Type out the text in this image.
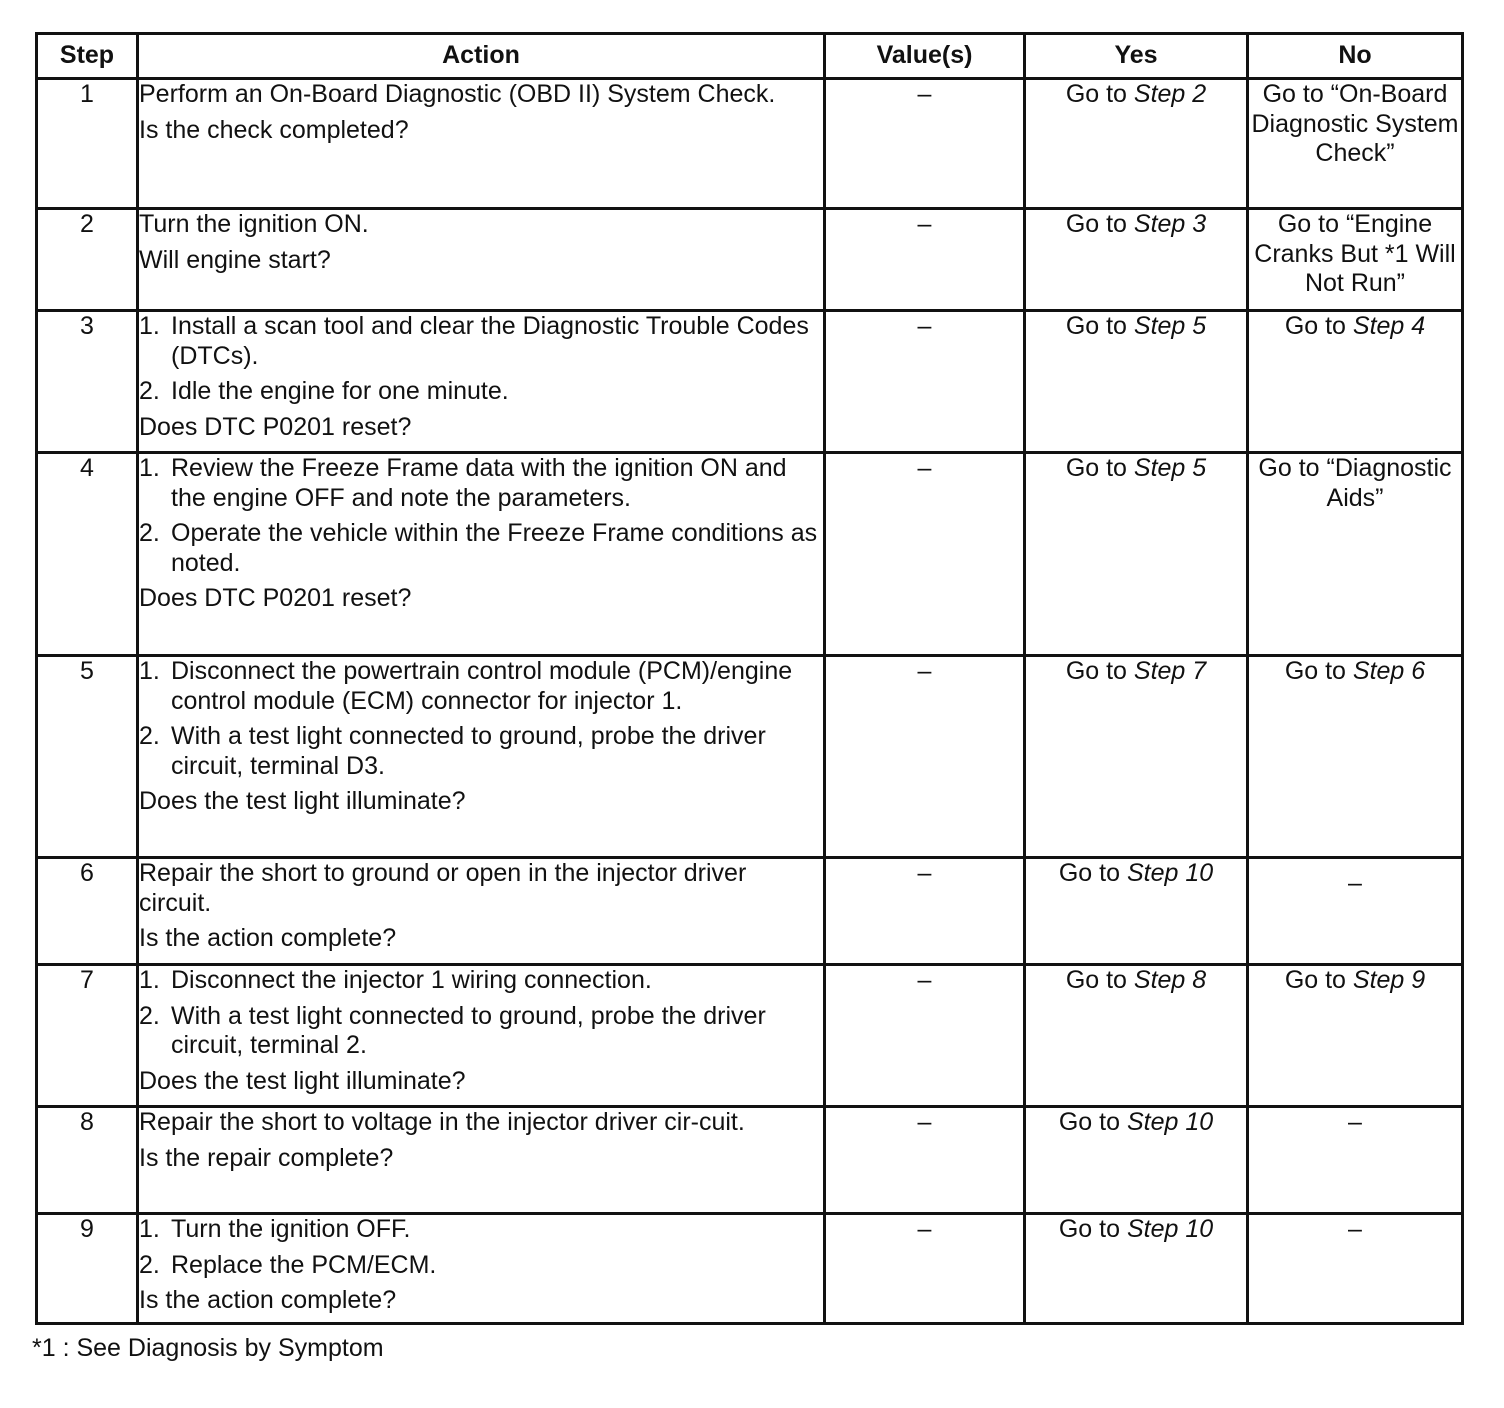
Step	Action	Value(s)	Yes	No
1	Perform an On-Board Diagnostic (OBD II) System Check.

Is the check completed?	–	Go to Step 2	Go to “On-Board Diagnostic System Check”
2	Turn the ignition ON.

Will engine start?	–	Go to Step 3	Go to “Engine Cranks But *1 Will Not Run”
3	1. Install a scan tool and clear the Diagnostic Trouble Codes (DTCs).

2. Idle the engine for one minute.

Does DTC P0201 reset?	–	Go to Step 5	Go to Step 4
4	1. Review the Freeze Frame data with the ignition ON and the engine OFF and note the parameters.

2. Operate the vehicle within the Freeze Frame conditions as noted.

Does DTC P0201 reset?	–	Go to Step 5	Go to “Diagnostic Aids”
5	1. Disconnect the powertrain control module (PCM)/engine control module (ECM) connector for injector 1.

2. With a test light connected to ground, probe the driver circuit, terminal D3.

Does the test light illuminate?	–	Go to Step 7	Go to Step 6
6	Repair the short to ground or open in the injector driver circuit.

Is the action complete?	–	Go to Step 10	–
7	1. Disconnect the injector 1 wiring connection.

2. With a test light connected to ground, probe the driver circuit, terminal 2.

Does the test light illuminate?	–	Go to Step 8	Go to Step 9
8	Repair the short to voltage in the injector driver cir-cuit.

Is the repair complete?	–	Go to Step 10	–
9	1. Turn the ignition OFF.

2. Replace the PCM/ECM.

Is the action complete?	–	Go to Step 10	–
*1 : See Diagnosis by Symptom
